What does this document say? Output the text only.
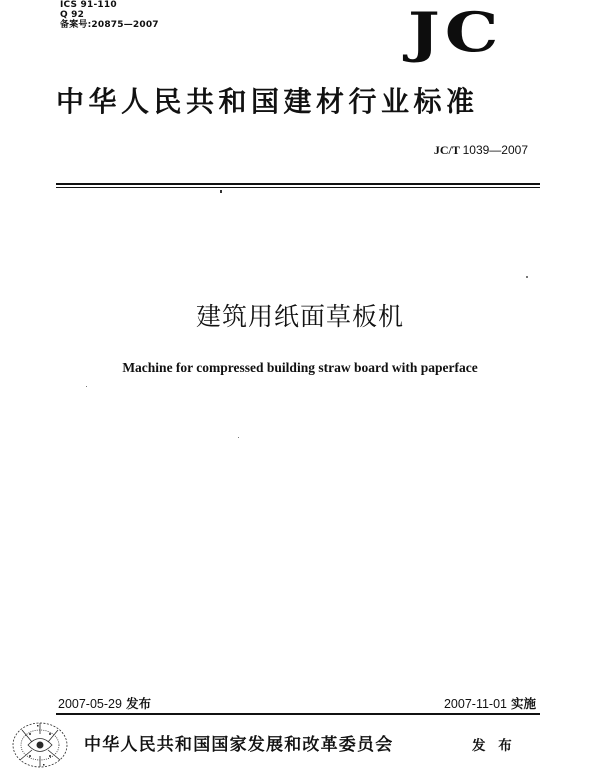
ICS 91-110
Q 92
备案号:20875—2007	JC
中华人民共和国建材行业标准
JC/T 1039—2007
建筑用纸面草板机
Machine for compressed building straw board with paperface
2007-05-29 发布	2007-11-01 实施
中华人民共和国国家发展和改革委员会	发 布
